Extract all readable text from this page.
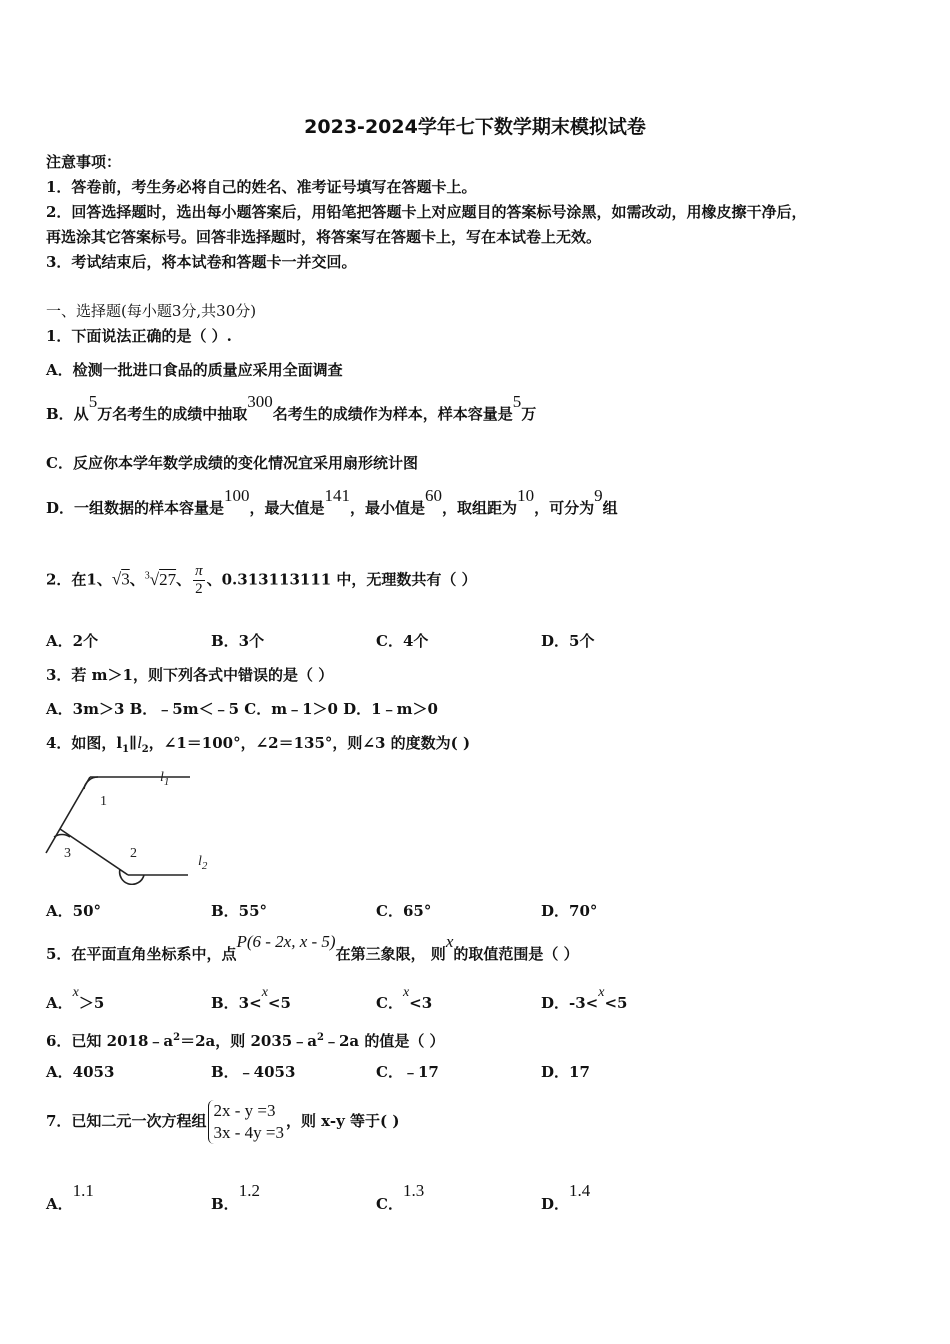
2023-2024学年七下数学期末模拟试卷
注意事项：
1．答卷前，考生务必将自己的姓名、准考证号填写在答题卡上。
2．回答选择题时，选出每小题答案后，用铅笔把答题卡上对应题目的答案标号涂黑，如需改动，用橡皮擦干净后，
再选涂其它答案标号。回答非选择题时，将答案写在答题卡上，写在本试卷上无效。
3．考试结束后，将本试卷和答题卡一并交回。
一、选择题(每小题3分,共30分)
1．下面说法正确的是（ ）.
A．检测一批进口食品的质量应采用全面调查
B．从5万名考生的成绩中抽取300名考生的成绩作为样本，样本容量是5万
C．反应你本学年数学成绩的变化情况宜采用扇形统计图
D．一组数据的样本容量是100，最大值是141，最小值是60，取组距为10，可分为9组
2．在1、√3、$^3$√27、 $\frac{\pi}{2}$ 、0.313113111 中，无理数共有（ ）
A．2个	B．3个	C．4个	D．5个
3．若 m＞1，则下列各式中错误的是（ ）
A．3m＞3 B．﹣5m＜﹣5 C．m﹣1＞0 D．1﹣m＞0
4．如图，$l_1\parallel l_2$，∠1＝100°，∠2＝135°，则∠3 的度数为( )
$l_1$
$l_2$
1
2
3
A．50°	B．55°	C．65°	D．70°
5．在平面直角坐标系中，点P(6 - 2x, x - 5)在第三象限， 则x的取值范围是（ ）
A．x＞5	B．3<x<5	C．x<3	D．-3<x<5
6．已知 $2018﹣a^2=2a$，则 $2035﹣a^2﹣2a$ 的值是（ ）
A．4053	B．﹣4053	C．﹣17	D．17
7．已知二元一次方程组
2x - y =3
3x - 4y =3
，则 x-y 等于( )
A．1.1
B．1.2
C．1.3
D．1.4
